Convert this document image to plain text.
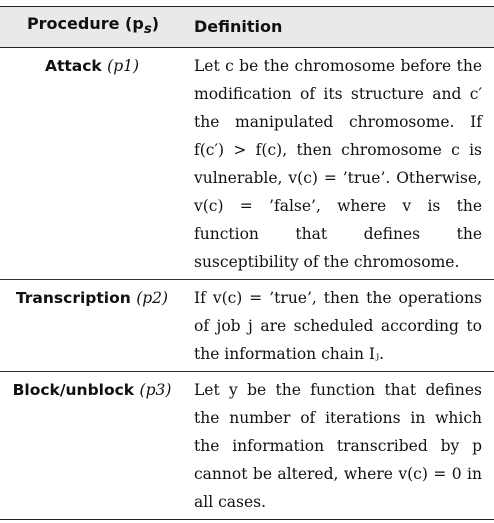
Procedure $(p_s)$	Definition
Attack (p1)	Let c be the chromosome before the modification of its structure and c′ the manipulated chromosome. If f(c′) > f(c), then chromosome c is vulnerable, v(c) = ’true’. Otherwise, v(c) = ’false’, where v is the function that defines the susceptibility of the chromosome.
Transcription (p2)	If v(c) = ’true’, then the operations of job j are scheduled according to the information chain Iⱼ.
Block/unblock (p3)	Let y be the function that defines the number of iterations in which the information transcribed by p cannot be altered, where v(c) = 0 in all cases.
